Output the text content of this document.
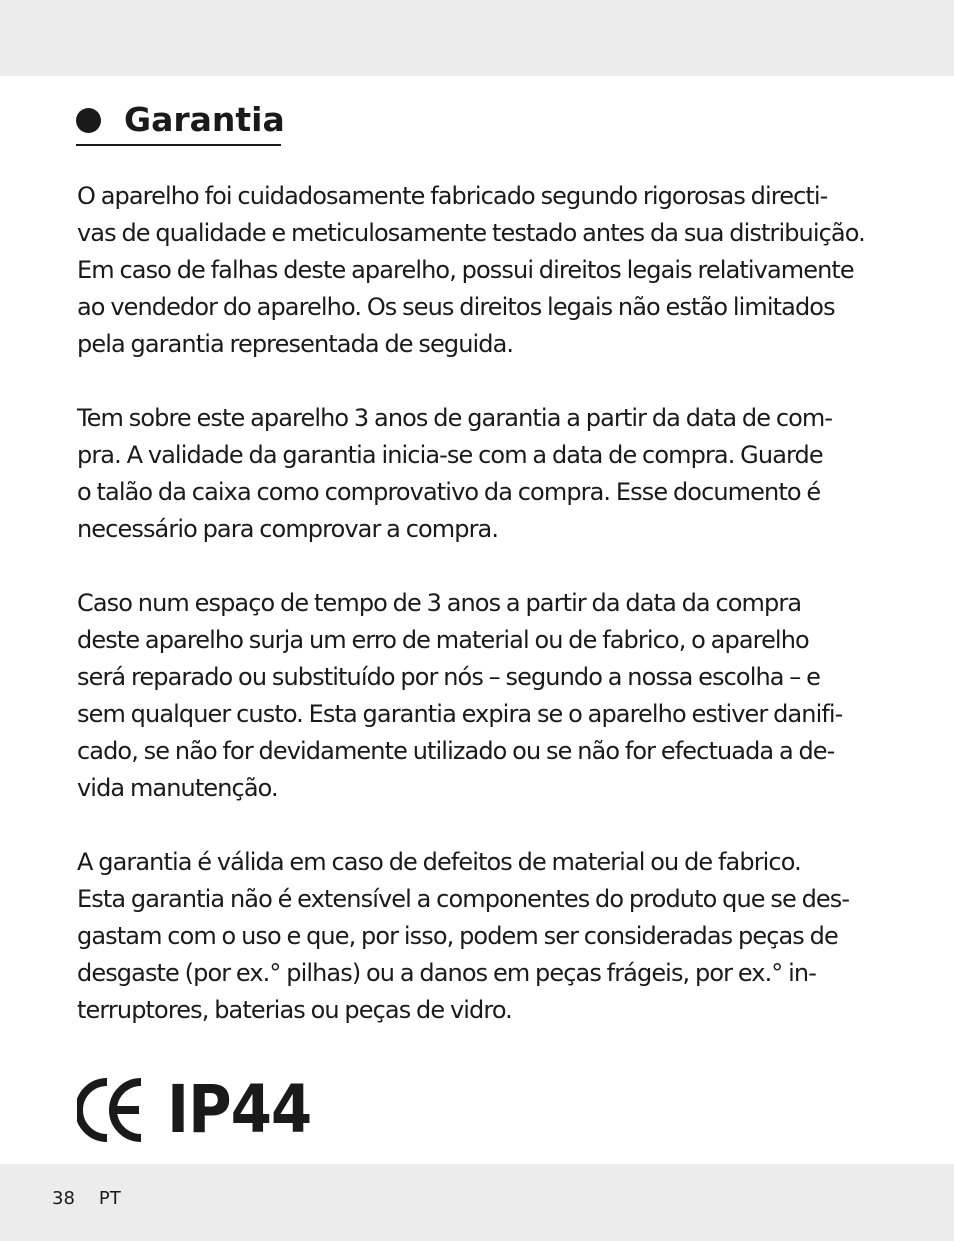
Garantia

O aparelho foi cuidadosamente fabricado segundo rigorosas directi-
vas de qualidade e meticulosamente testado antes da sua distribuição.
Em caso de falhas deste aparelho, possui direitos legais relativamente
ao vendedor do aparelho. Os seus direitos legais não estão limitados
pela garantia representada de seguida.

Tem sobre este aparelho 3 anos de garantia a partir da data de com-
pra. A validade da garantia inicia-se com a data de compra. Guarde
o talão da caixa como comprovativo da compra. Esse documento é
necessário para comprovar a compra.

Caso num espaço de tempo de 3 anos a partir da data da compra
deste aparelho surja um erro de material ou de fabrico, o aparelho
será reparado ou substituído por nós – segundo a nossa escolha – e
sem qualquer custo. Esta garantia expira se o aparelho estiver danifi-
cado, se não for devidamente utilizado ou se não for efectuada a de-
vida manutenção.

A garantia é válida em caso de defeitos de material ou de fabrico.
Esta garantia não é extensível a componentes do produto que se des-
gastam com o uso e que, por isso, podem ser consideradas peças de
desgaste (por ex.° pilhas) ou a danos em peças frágeis, por ex.° in-
terruptores, baterias ou peças de vidro.

IP44
38 PT
